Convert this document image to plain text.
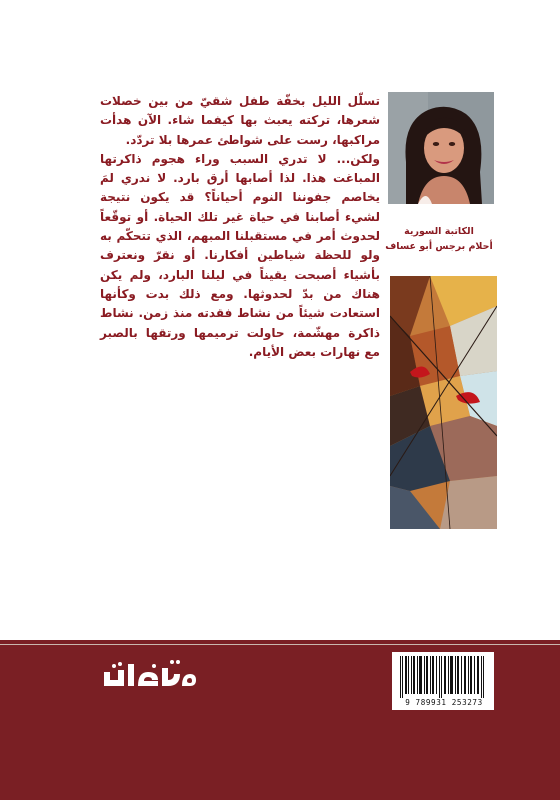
تسلّل الليل بخفّة طفل شقيّ من بين خصلات شعرها، تركته يعبث بها كيفما شاء. الآن هدأت مراكبها، رست على شواطئ عمرها بلا تردّد.

ولكن... لا تدري السبب وراء هجوم ذاكرتها المباغت هذا. لذا أصابها أرق بارد. لا ندري لمَ يخاصم جفوننا النوم أحياناً؟ قد يكون نتيجة لشيء أصابنا في حياة غير تلك الحياة. أو توقّعاً لحدوث أمر في مستقبلنا المبهم، الذي تتحكّم به ولو للحظة شياطين أفكارنا. أو نقرّ ونعترف بأشياء أصبحت يقيناً في ليلنا البارد، ولم يكن هناك من بدّ لحدوثها. ومع ذلك بدت وكأنها استعادت شيئاً من نشاط فقدته منذ زمن. نشاط ذاكرة مهشّمة، حاولت ترميمها ورتقها بالصبر مع نهارات بعض الأيام.

الكاتبة السورية
أحلام برجس أبو عساف
9 789931 253273
